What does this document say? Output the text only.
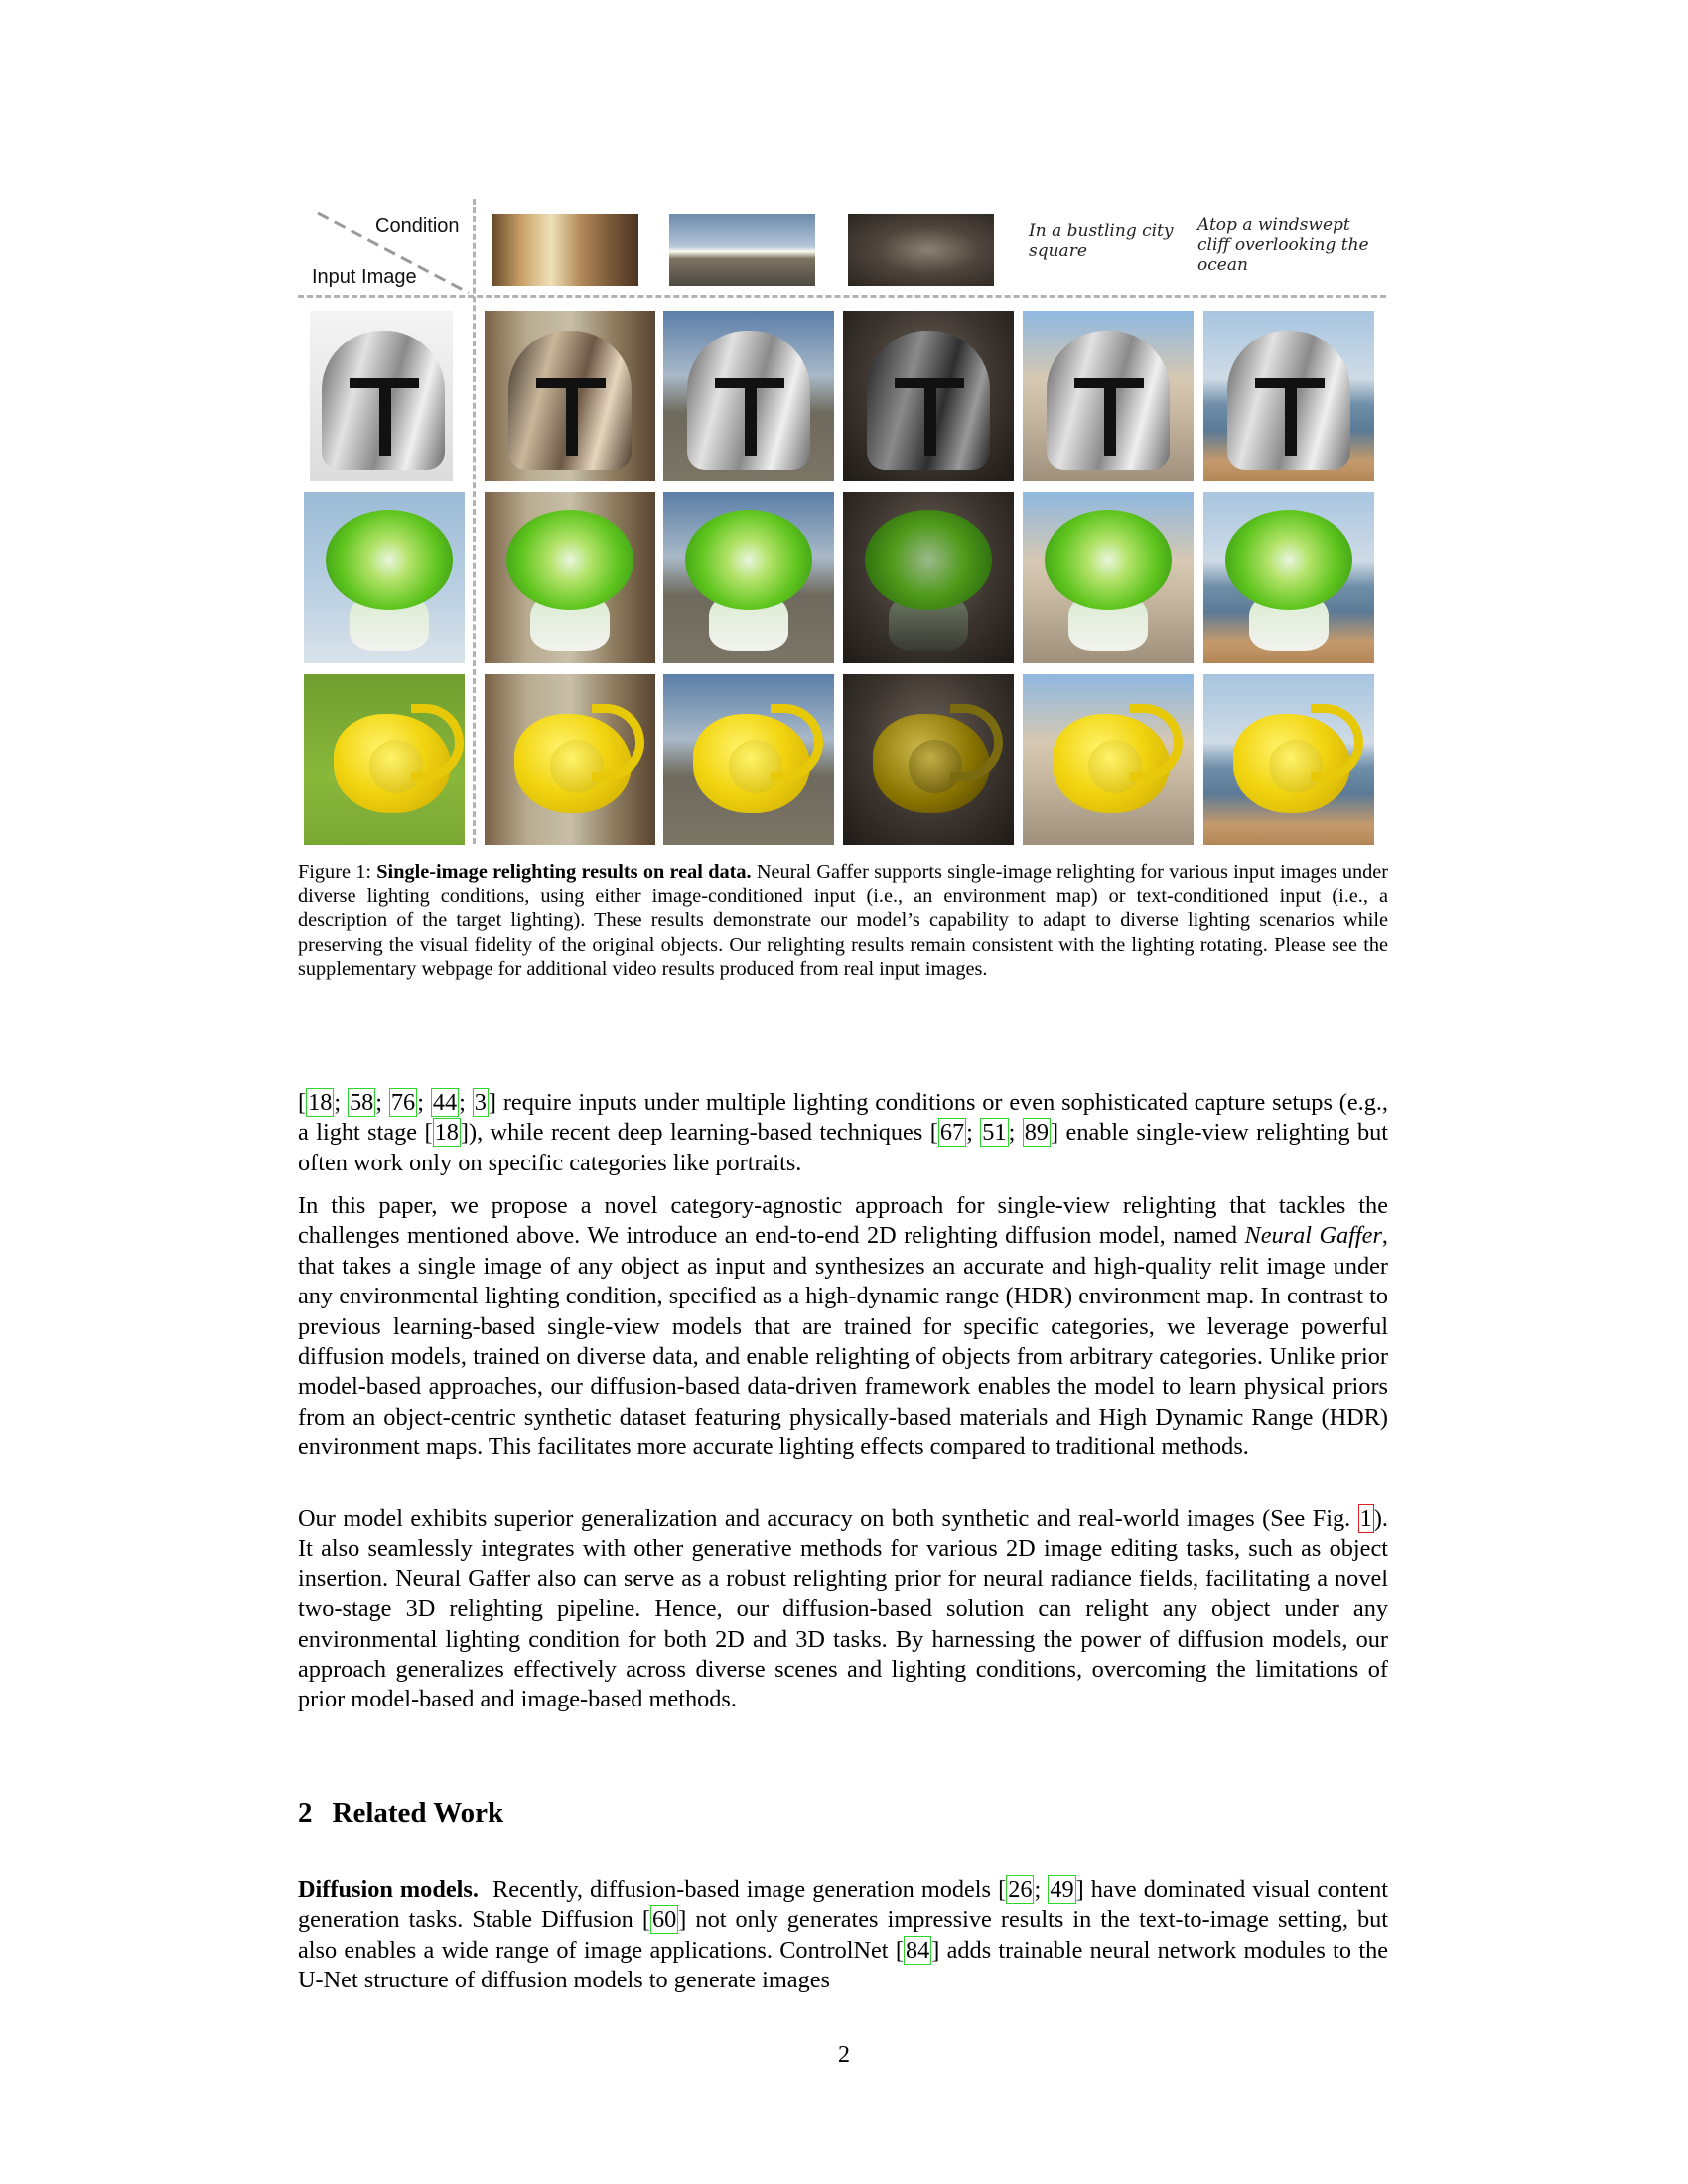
Condition
Input Image
In a bustling city square
Atop a windswept cliff overlooking the ocean
Figure 1: Single-image relighting results on real data. Neural Gaffer supports single-image relighting for various input images under diverse lighting conditions, using either image-conditioned input (i.e., an environment map) or text-conditioned input (i.e., a description of the target lighting). These results demonstrate our model’s capability to adapt to diverse lighting scenarios while preserving the visual fidelity of the original objects. Our relighting results remain consistent with the lighting rotating. Please see the supplementary webpage for additional video results produced from real input images.

[18; 58; 76; 44; 3] require inputs under multiple lighting conditions or even sophisticated capture setups (e.g., a light stage [18]), while recent deep learning-based techniques [67; 51; 89] enable single-view relighting but often work only on specific categories like portraits.

In this paper, we propose a novel category-agnostic approach for single-view relighting that tackles the challenges mentioned above. We introduce an end-to-end 2D relighting diffusion model, named Neural Gaffer, that takes a single image of any object as input and synthesizes an accurate and high-quality relit image under any environmental lighting condition, specified as a high-dynamic range (HDR) environment map. In contrast to previous learning-based single-view models that are trained for specific categories, we leverage powerful diffusion models, trained on diverse data, and enable relighting of objects from arbitrary categories. Unlike prior model-based approaches, our diffusion-based data-driven framework enables the model to learn physical priors from an object-centric synthetic dataset featuring physically-based materials and High Dynamic Range (HDR) environment maps. This facilitates more accurate lighting effects compared to traditional methods.

Our model exhibits superior generalization and accuracy on both synthetic and real-world images (See Fig. 1). It also seamlessly integrates with other generative methods for various 2D image editing tasks, such as object insertion. Neural Gaffer also can serve as a robust relighting prior for neural radiance fields, facilitating a novel two-stage 3D relighting pipeline. Hence, our diffusion-based solution can relight any object under any environmental lighting condition for both 2D and 3D tasks. By harnessing the power of diffusion models, our approach generalizes effectively across diverse scenes and lighting conditions, overcoming the limitations of prior model-based and image-based methods.

2 Related Work

Diffusion models. Recently, diffusion-based image generation models [26; 49] have dominated visual content generation tasks. Stable Diffusion [60] not only generates impressive results in the text-to-image setting, but also enables a wide range of image applications. ControlNet [84] adds trainable neural network modules to the U-Net structure of diffusion models to generate images

2
